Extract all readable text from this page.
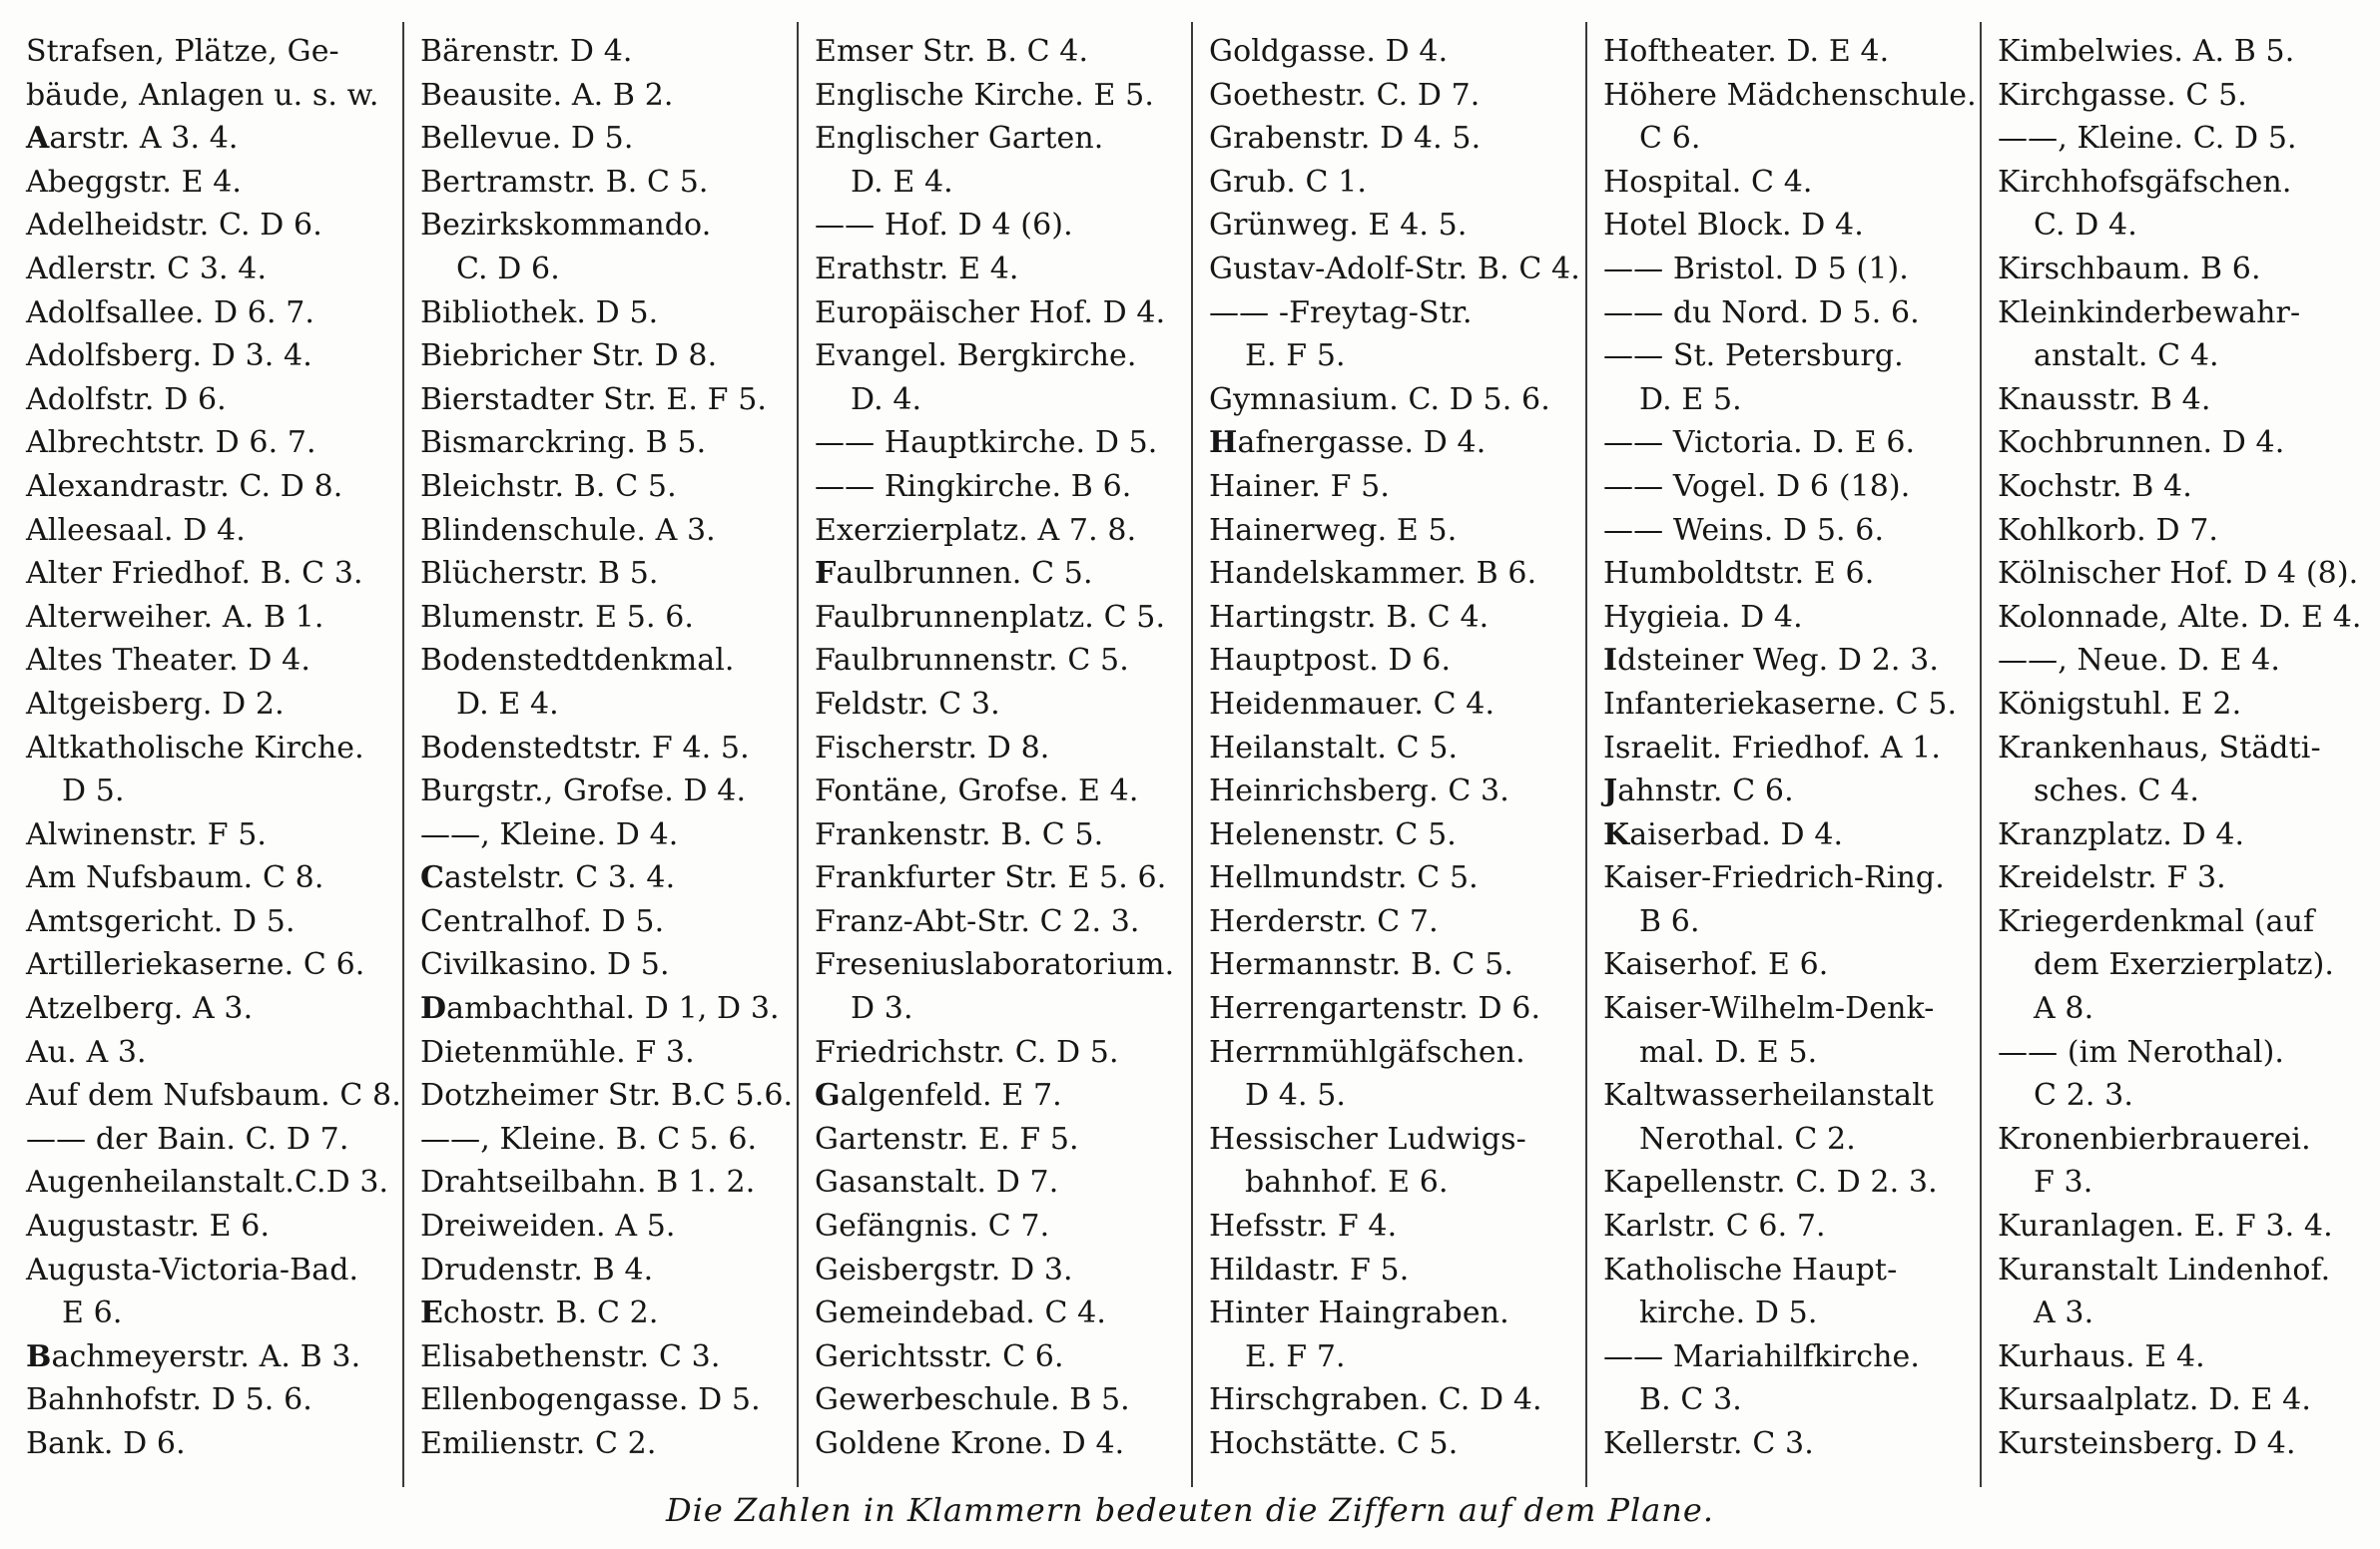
Strafsen, Plätze, Ge-
bäude, Anlagen u. s. w.
Aarstr. A 3. 4.
Abeggstr. E 4.
Adelheidstr. C. D 6.
Adlerstr. C 3. 4.
Adolfsallee. D 6. 7.
Adolfsberg. D 3. 4.
Adolfstr. D 6.
Albrechtstr. D 6. 7.
Alexandrastr. C. D 8.
Alleesaal. D 4.
Alter Friedhof. B. C 3.
Alterweiher. A. B 1.
Altes Theater. D 4.
Altgeisberg. D 2.
Altkatholische Kirche.
D 5.
Alwinenstr. F 5.
Am Nufsbaum. C 8.
Amtsgericht. D 5.
Artilleriekaserne. C 6.
Atzelberg. A 3.
Au. A 3.
Auf dem Nufsbaum. C 8.
—— der Bain. C. D 7.
Augenheilanstalt.C.D 3.
Augustastr. E 6.
Augusta-Victoria-Bad.
E 6.
Bachmeyerstr. A. B 3.
Bahnhofstr. D 5. 6.
Bank. D 6.
Bärenstr. D 4.
Beausite. A. B 2.
Bellevue. D 5.
Bertramstr. B. C 5.
Bezirkskommando.
C. D 6.
Bibliothek. D 5.
Biebricher Str. D 8.
Bierstadter Str. E. F 5.
Bismarckring. B 5.
Bleichstr. B. C 5.
Blindenschule. A 3.
Blücherstr. B 5.
Blumenstr. E 5. 6.
Bodenstedtdenkmal.
D. E 4.
Bodenstedtstr. F 4. 5.
Burgstr., Grofse. D 4.
——, Kleine. D 4.
Castelstr. C 3. 4.
Centralhof. D 5.
Civilkasino. D 5.
Dambachthal. D 1, D 3.
Dietenmühle. F 3.
Dotzheimer Str. B.C 5.6.
——, Kleine. B. C 5. 6.
Drahtseilbahn. B 1. 2.
Dreiweiden. A 5.
Drudenstr. B 4.
Echostr. B. C 2.
Elisabethenstr. C 3.
Ellenbogengasse. D 5.
Emilienstr. C 2.
Emser Str. B. C 4.
Englische Kirche. E 5.
Englischer Garten.
D. E 4.
—— Hof. D 4 (6).
Erathstr. E 4.
Europäischer Hof. D 4.
Evangel. Bergkirche.
D. 4.
—— Hauptkirche. D 5.
—— Ringkirche. B 6.
Exerzierplatz. A 7. 8.
Faulbrunnen. C 5.
Faulbrunnenplatz. C 5.
Faulbrunnenstr. C 5.
Feldstr. C 3.
Fischerstr. D 8.
Fontäne, Grofse. E 4.
Frankenstr. B. C 5.
Frankfurter Str. E 5. 6.
Franz-Abt-Str. C 2. 3.
Freseniuslaboratorium.
D 3.
Friedrichstr. C. D 5.
Galgenfeld. E 7.
Gartenstr. E. F 5.
Gasanstalt. D 7.
Gefängnis. C 7.
Geisbergstr. D 3.
Gemeindebad. C 4.
Gerichtsstr. C 6.
Gewerbeschule. B 5.
Goldene Krone. D 4.
Goldgasse. D 4.
Goethestr. C. D 7.
Grabenstr. D 4. 5.
Grub. C 1.
Grünweg. E 4. 5.
Gustav-Adolf-Str. B. C 4.
—— -Freytag-Str.
E. F 5.
Gymnasium. C. D 5. 6.
Hafnergasse. D 4.
Hainer. F 5.
Hainerweg. E 5.
Handelskammer. B 6.
Hartingstr. B. C 4.
Hauptpost. D 6.
Heidenmauer. C 4.
Heilanstalt. C 5.
Heinrichsberg. C 3.
Helenenstr. C 5.
Hellmundstr. C 5.
Herderstr. C 7.
Hermannstr. B. C 5.
Herrengartenstr. D 6.
Herrnmühlgäfschen.
D 4. 5.
Hessischer Ludwigs-
bahnhof. E 6.
Hefsstr. F 4.
Hildastr. F 5.
Hinter Haingraben.
E. F 7.
Hirschgraben. C. D 4.
Hochstätte. C 5.
Hoftheater. D. E 4.
Höhere Mädchenschule.
C 6.
Hospital. C 4.
Hotel Block. D 4.
—— Bristol. D 5 (1).
—— du Nord. D 5. 6.
—— St. Petersburg.
D. E 5.
—— Victoria. D. E 6.
—— Vogel. D 6 (18).
—— Weins. D 5. 6.
Humboldtstr. E 6.
Hygieia. D 4.
Idsteiner Weg. D 2. 3.
Infanteriekaserne. C 5.
Israelit. Friedhof. A 1.
Jahnstr. C 6.
Kaiserbad. D 4.
Kaiser-Friedrich-Ring.
B 6.
Kaiserhof. E 6.
Kaiser-Wilhelm-Denk-
mal. D. E 5.
Kaltwasserheilanstalt
Nerothal. C 2.
Kapellenstr. C. D 2. 3.
Karlstr. C 6. 7.
Katholische Haupt-
kirche. D 5.
—— Mariahilfkirche.
B. C 3.
Kellerstr. C 3.
Kimbelwies. A. B 5.
Kirchgasse. C 5.
——, Kleine. C. D 5.
Kirchhofsgäfschen.
C. D 4.
Kirschbaum. B 6.
Kleinkinderbewahr-
anstalt. C 4.
Knausstr. B 4.
Kochbrunnen. D 4.
Kochstr. B 4.
Kohlkorb. D 7.
Kölnischer Hof. D 4 (8).
Kolonnade, Alte. D. E 4.
——, Neue. D. E 4.
Königstuhl. E 2.
Krankenhaus, Städti-
sches. C 4.
Kranzplatz. D 4.
Kreidelstr. F 3.
Kriegerdenkmal (auf
dem Exerzierplatz).
A 8.
—— (im Nerothal).
C 2. 3.
Kronenbierbrauerei.
F 3.
Kuranlagen. E. F 3. 4.
Kuranstalt Lindenhof.
A 3.
Kurhaus. E 4.
Kursaalplatz. D. E 4.
Kursteinsberg. D 4.
Die Zahlen in Klammern bedeuten die Ziffern auf dem Plane.
